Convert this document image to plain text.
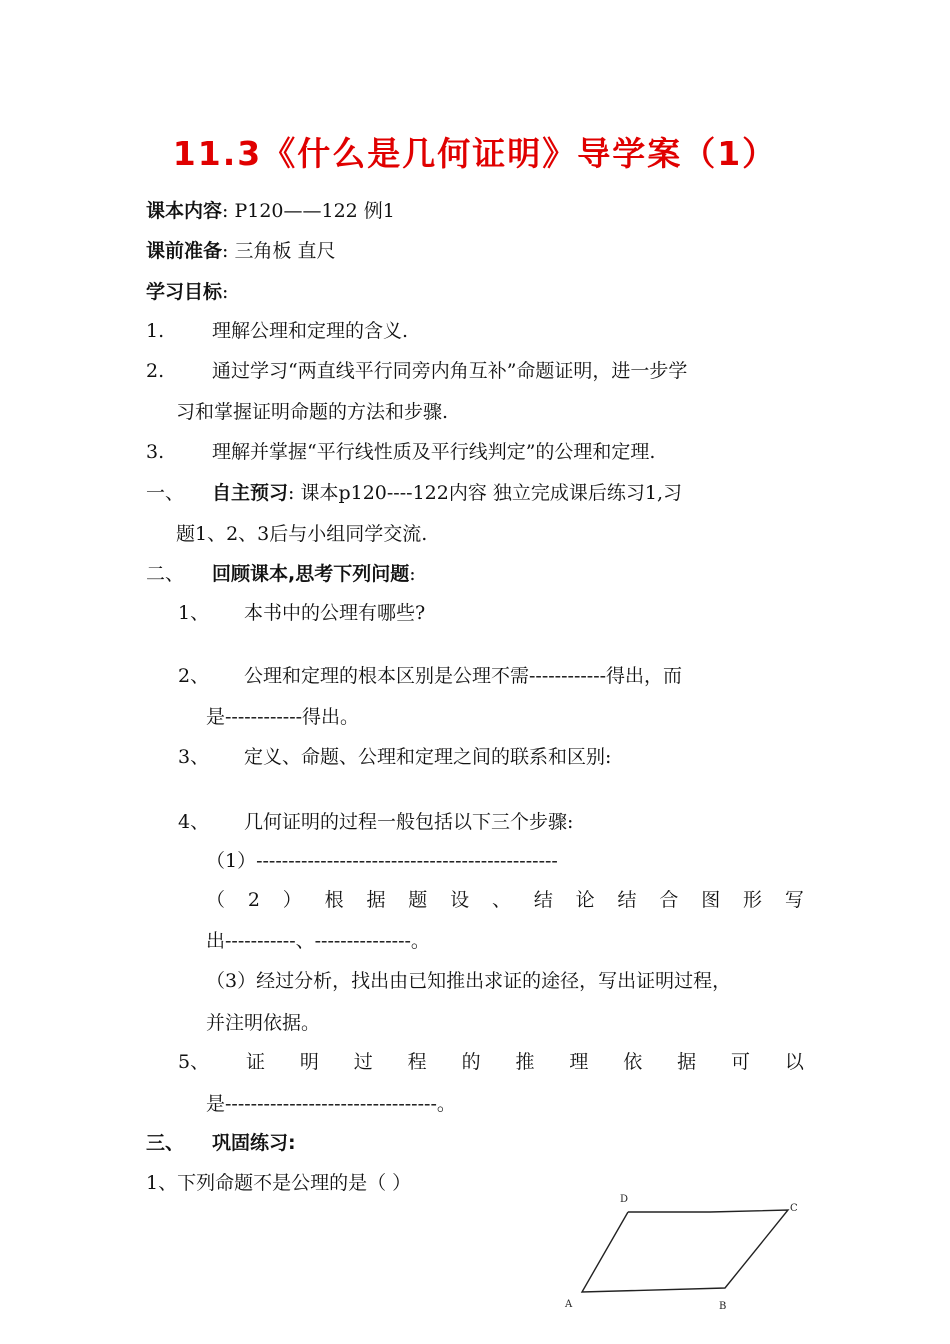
11.3《什么是几何证明》导学案（1）
课本内容: P120——122 例1
课前准备: 三角板 直尺
学习目标:
1.	理解公理和定理的含义.
2.	通过学习“两直线平行同旁内角互补”命题证明，进一步学
习和掌握证明命题的方法和步骤.
3.	理解并掌握“平行线性质及平行线判定”的公理和定理.
一、 自主预习: 课本p120----122内容 独立完成课后练习1,习
题1、2、3后与小组同学交流.
二、 回顾课本,思考下列问题:
1、 本书中的公理有哪些?
2、 公理和定理的根本区别是公理不需------------得出，而
是------------得出。
3、 定义、命题、公理和定理之间的联系和区别:
4、 几何证明的过程一般包括以下三个步骤:
（1）-----------------------------------------------
（ 2 ） 根 据 题 设 、 结 论 结 合 图 形 写
出-----------、---------------。
（3）经过分析，找出由已知推出求证的途径，写出证明过程，
并注明依据。
5、 证 明 过 程 的 推 理 依 据 可 以
是---------------------------------。
三、 巩固练习:
1、下列命题不是公理的是（ ）
D
C
A	B
